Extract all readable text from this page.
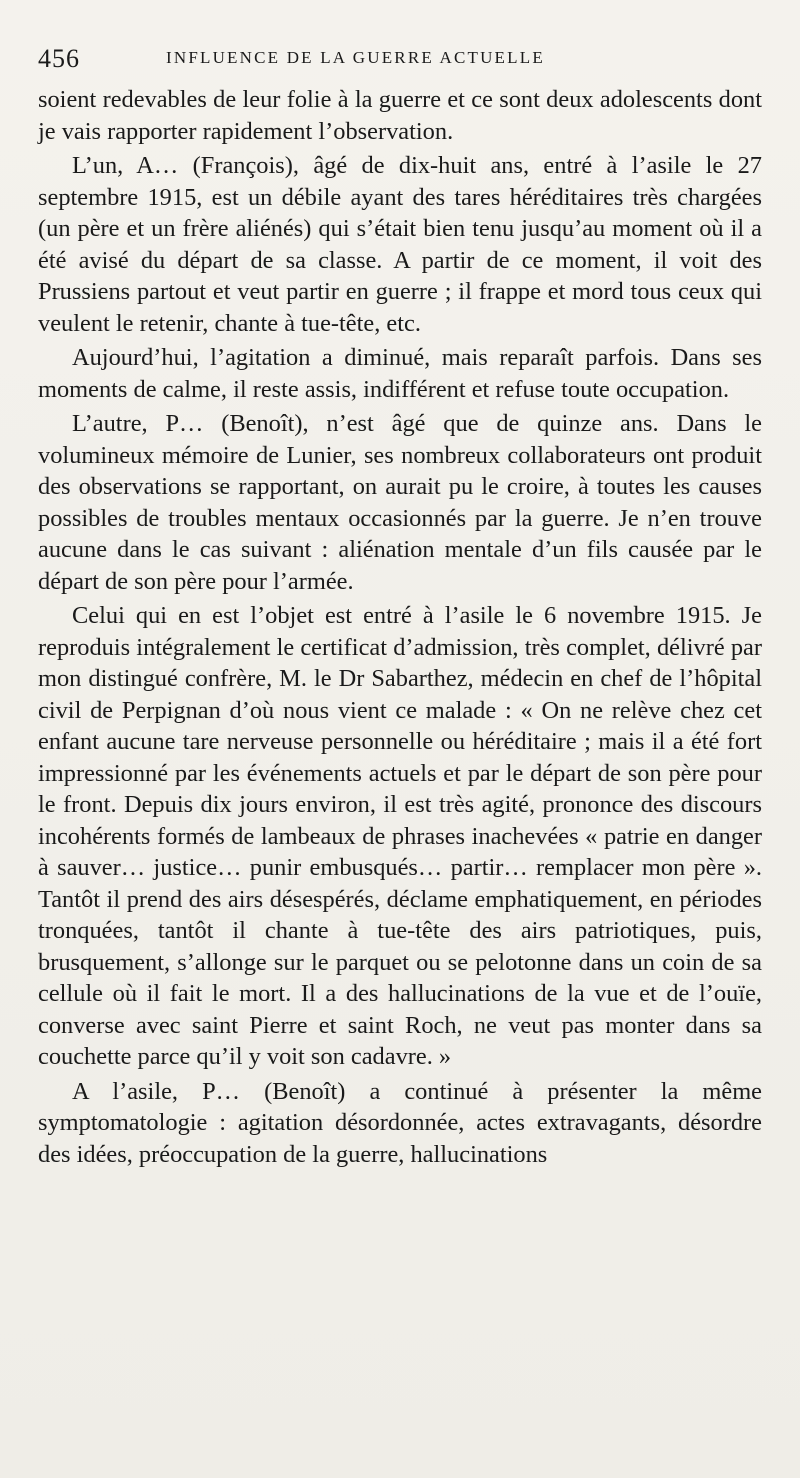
456	INFLUENCE DE LA GUERRE ACTUELLE

soient redevables de leur folie à la guerre et ce sont deux adolescents dont je vais rapporter rapidement l’observation.

L’un, A… (François), âgé de dix-huit ans, entré à l’asile le 27 septembre 1915, est un débile ayant des tares héréditaires très chargées (un père et un frère aliénés) qui s’était bien tenu jusqu’au moment où il a été avisé du départ de sa classe. A partir de ce moment, il voit des Prussiens partout et veut partir en guerre ; il frappe et mord tous ceux qui veulent le retenir, chante à tue-tête, etc.

Aujourd’hui, l’agitation a diminué, mais reparaît parfois. Dans ses moments de calme, il reste assis, indifférent et refuse toute occupation.

L’autre, P… (Benoît), n’est âgé que de quinze ans. Dans le volumineux mémoire de Lunier, ses nombreux collaborateurs ont produit des observations se rapportant, on aurait pu le croire, à toutes les causes possibles de troubles mentaux occasionnés par la guerre. Je n’en trouve aucune dans le cas suivant : aliénation mentale d’un fils causée par le départ de son père pour l’armée.

Celui qui en est l’objet est entré à l’asile le 6 novembre 1915. Je reproduis intégralement le certificat d’admission, très complet, délivré par mon distingué confrère, M. le Dr Sabarthez, médecin en chef de l’hôpital civil de Perpignan d’où nous vient ce malade : « On ne relève chez cet enfant aucune tare nerveuse personnelle ou héréditaire ; mais il a été fort impressionné par les événements actuels et par le départ de son père pour le front. Depuis dix jours environ, il est très agité, prononce des discours incohérents formés de lambeaux de phrases inachevées « patrie en danger à sauver… justice… punir embusqués… partir… remplacer mon père ». Tantôt il prend des airs désespérés, déclame emphatiquement, en périodes tronquées, tantôt il chante à tue-tête des airs patriotiques, puis, brusquement, s’allonge sur le parquet ou se pelotonne dans un coin de sa cellule où il fait le mort. Il a des hallucinations de la vue et de l’ouïe, converse avec saint Pierre et saint Roch, ne veut pas monter dans sa couchette parce qu’il y voit son cadavre. »

A l’asile, P… (Benoît) a continué à présenter la même symptomatologie : agitation désordonnée, actes extravagants, désordre des idées, préoccupation de la guerre, hallucinations
